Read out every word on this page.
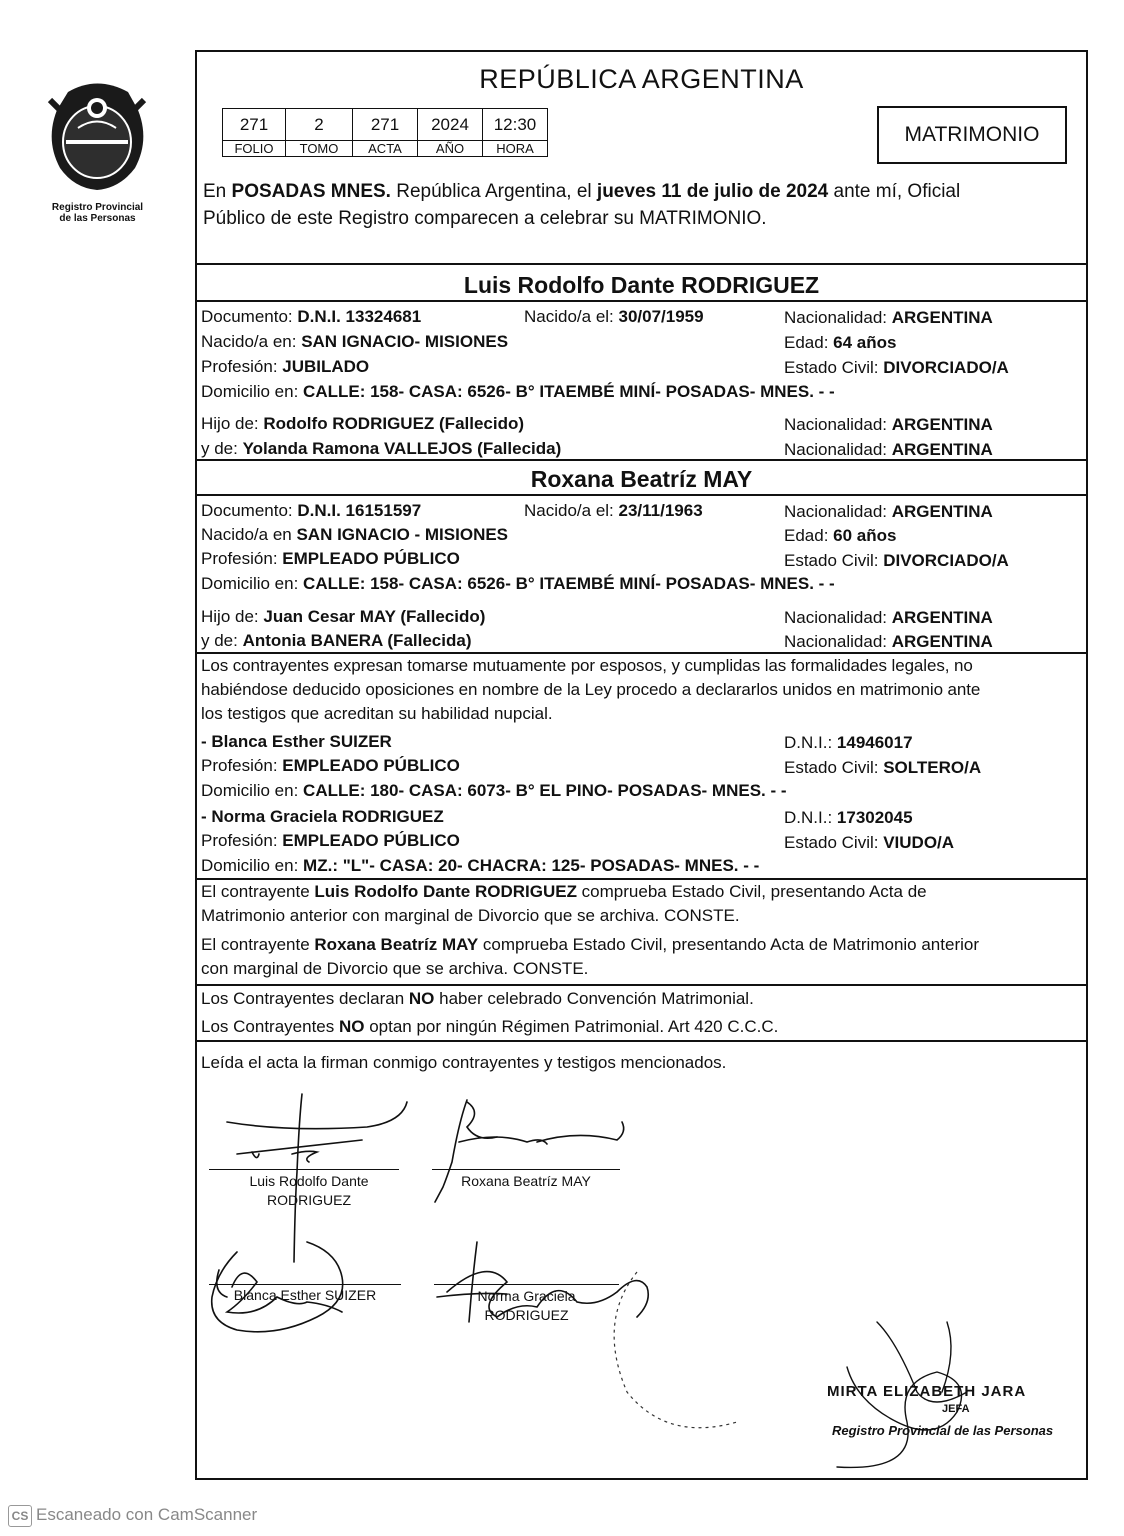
Registro Provincial
de las Personas
REPÚBLICA ARGENTINA
271	2	271	2024	12:30
FOLIO	TOMO	ACTA	AÑO	HORA
MATRIMONIO
En POSADAS MNES. República Argentina, el jueves 11 de julio de 2024 ante mí, Oficial
Público de este Registro comparecen a celebrar su MATRIMONIO.
Luis Rodolfo Dante RODRIGUEZ
Documento: D.N.I. 13324681	Nacido/a el: 30/07/1959	Nacionalidad: ARGENTINA
Nacido/a en: SAN IGNACIO- MISIONES	Edad: 64 años
Profesión: JUBILADO	Estado Civil: DIVORCIADO/A
Domicilio en: CALLE: 158- CASA: 6526- B° ITAEMBÉ MINÍ- POSADAS- MNES. - -
Hijo de: Rodolfo RODRIGUEZ (Fallecido)	Nacionalidad: ARGENTINA
y de: Yolanda Ramona VALLEJOS (Fallecida)	Nacionalidad: ARGENTINA
Roxana Beatríz MAY
Documento: D.N.I. 16151597	Nacido/a el: 23/11/1963	Nacionalidad: ARGENTINA
Nacido/a en SAN IGNACIO - MISIONES	Edad: 60 años
Profesión: EMPLEADO PÚBLICO	Estado Civil: DIVORCIADO/A
Domicilio en: CALLE: 158- CASA: 6526- B° ITAEMBÉ MINÍ- POSADAS- MNES. - -
Hijo de: Juan Cesar MAY (Fallecido)	Nacionalidad: ARGENTINA
y de: Antonia BANERA (Fallecida)	Nacionalidad: ARGENTINA
Los contrayentes expresan tomarse mutuamente por esposos, y cumplidas las formalidades legales, no
habiéndose deducido oposiciones en nombre de la Ley procedo a declararlos unidos en matrimonio ante
los testigos que acreditan su habilidad nupcial.
- Blanca Esther SUIZER	D.N.I.: 14946017
Profesión: EMPLEADO PÚBLICO	Estado Civil: SOLTERO/A
Domicilio en: CALLE: 180- CASA: 6073- B° EL PINO- POSADAS- MNES. - -
- Norma Graciela RODRIGUEZ	D.N.I.: 17302045
Profesión: EMPLEADO PÚBLICO	Estado Civil: VIUDO/A
Domicilio en: MZ.: "L"- CASA: 20- CHACRA: 125- POSADAS- MNES. - -
El contrayente Luis Rodolfo Dante RODRIGUEZ comprueba Estado Civil, presentando Acta de
Matrimonio anterior con marginal de Divorcio que se archiva. CONSTE.
El contrayente Roxana Beatríz MAY comprueba Estado Civil, presentando Acta de Matrimonio anterior
con marginal de Divorcio que se archiva. CONSTE.
Los Contrayentes declaran NO haber celebrado Convención Matrimonial.
Los Contrayentes NO optan por ningún Régimen Patrimonial. Art 420 C.C.C.
Leída el acta la firman conmigo contrayentes y testigos mencionados.
Luis Rodolfo Dante
RODRIGUEZ
Roxana Beatríz MAY
Blanca Esther SUIZER	Norma Graciela
RODRIGUEZ
MIRTA ELIZABETH JARA
JEFA
Registro Provincial de las Personas
CS Escaneado con CamScanner
